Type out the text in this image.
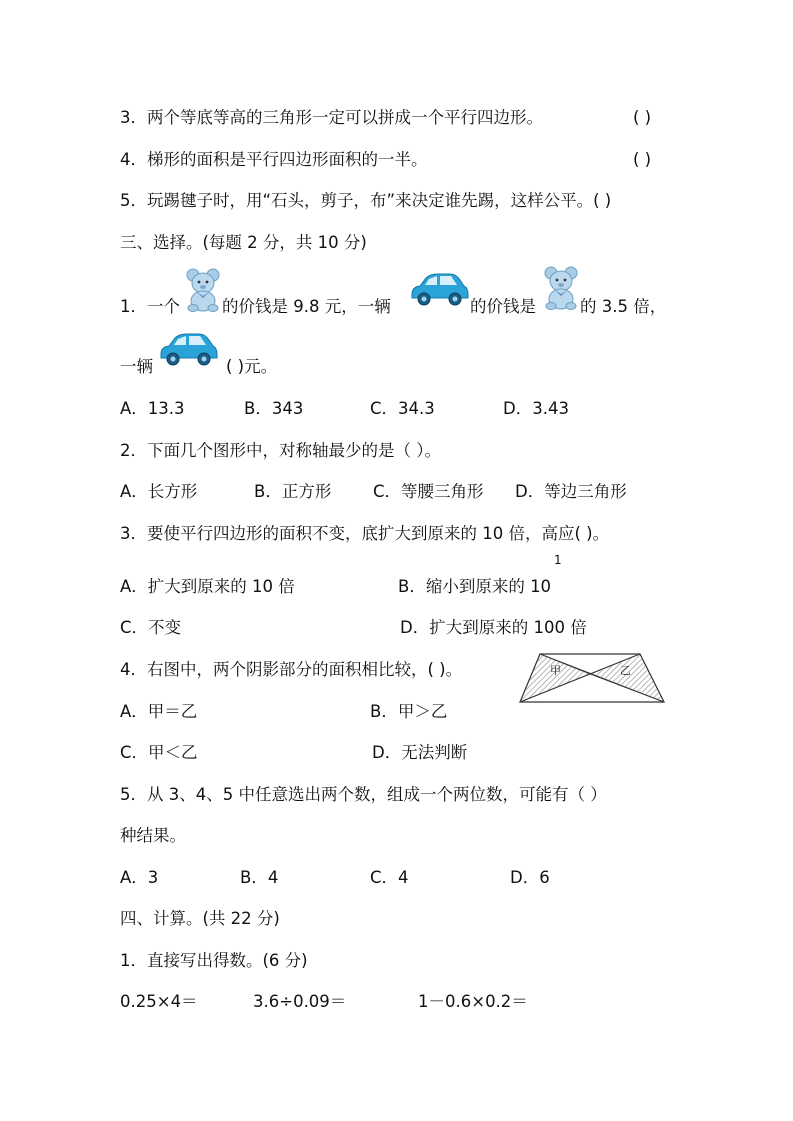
3．两个等底等高的三角形一定可以拼成一个平行四边形。	( )
4．梯形的面积是平行四边形面积的一半。	( )
5．玩踢毽子时，用“石头，剪子，布”来决定谁先踢，这样公平。( )
三、选择。(每题 2 分，共 10 分)
1．一个	的价钱是 9.8 元，一辆	的价钱是	的 3.5 倍，
一辆	( )元。
A．13.3	B．343	C．34.3	D．3.43
2．下面几个图形中，对称轴最少的是（ ）。
A．长方形	B．正方形	C．等腰三角形 D．等边三角形
3．要使平行四边形的面积不变，底扩大到原来的 10 倍，高应( )。
1
A．扩大到原来的 10 倍	B．缩小到原来的 10
C．不变	D．扩大到原来的 100 倍
4．右图中，两个阴影部分的面积相比较，( )。	甲	乙
A．甲＝乙	B．甲＞乙
C．甲＜乙	D．无法判断
5．从 3、4、5 中任意选出两个数，组成一个两位数，可能有（ ）
种结果。
A．3	B．4	C．4	D．6
四、计算。(共 22 分)
1．直接写出得数。(6 分)
0.25×4＝	3.6÷0.09＝	1－0.6×0.2＝
